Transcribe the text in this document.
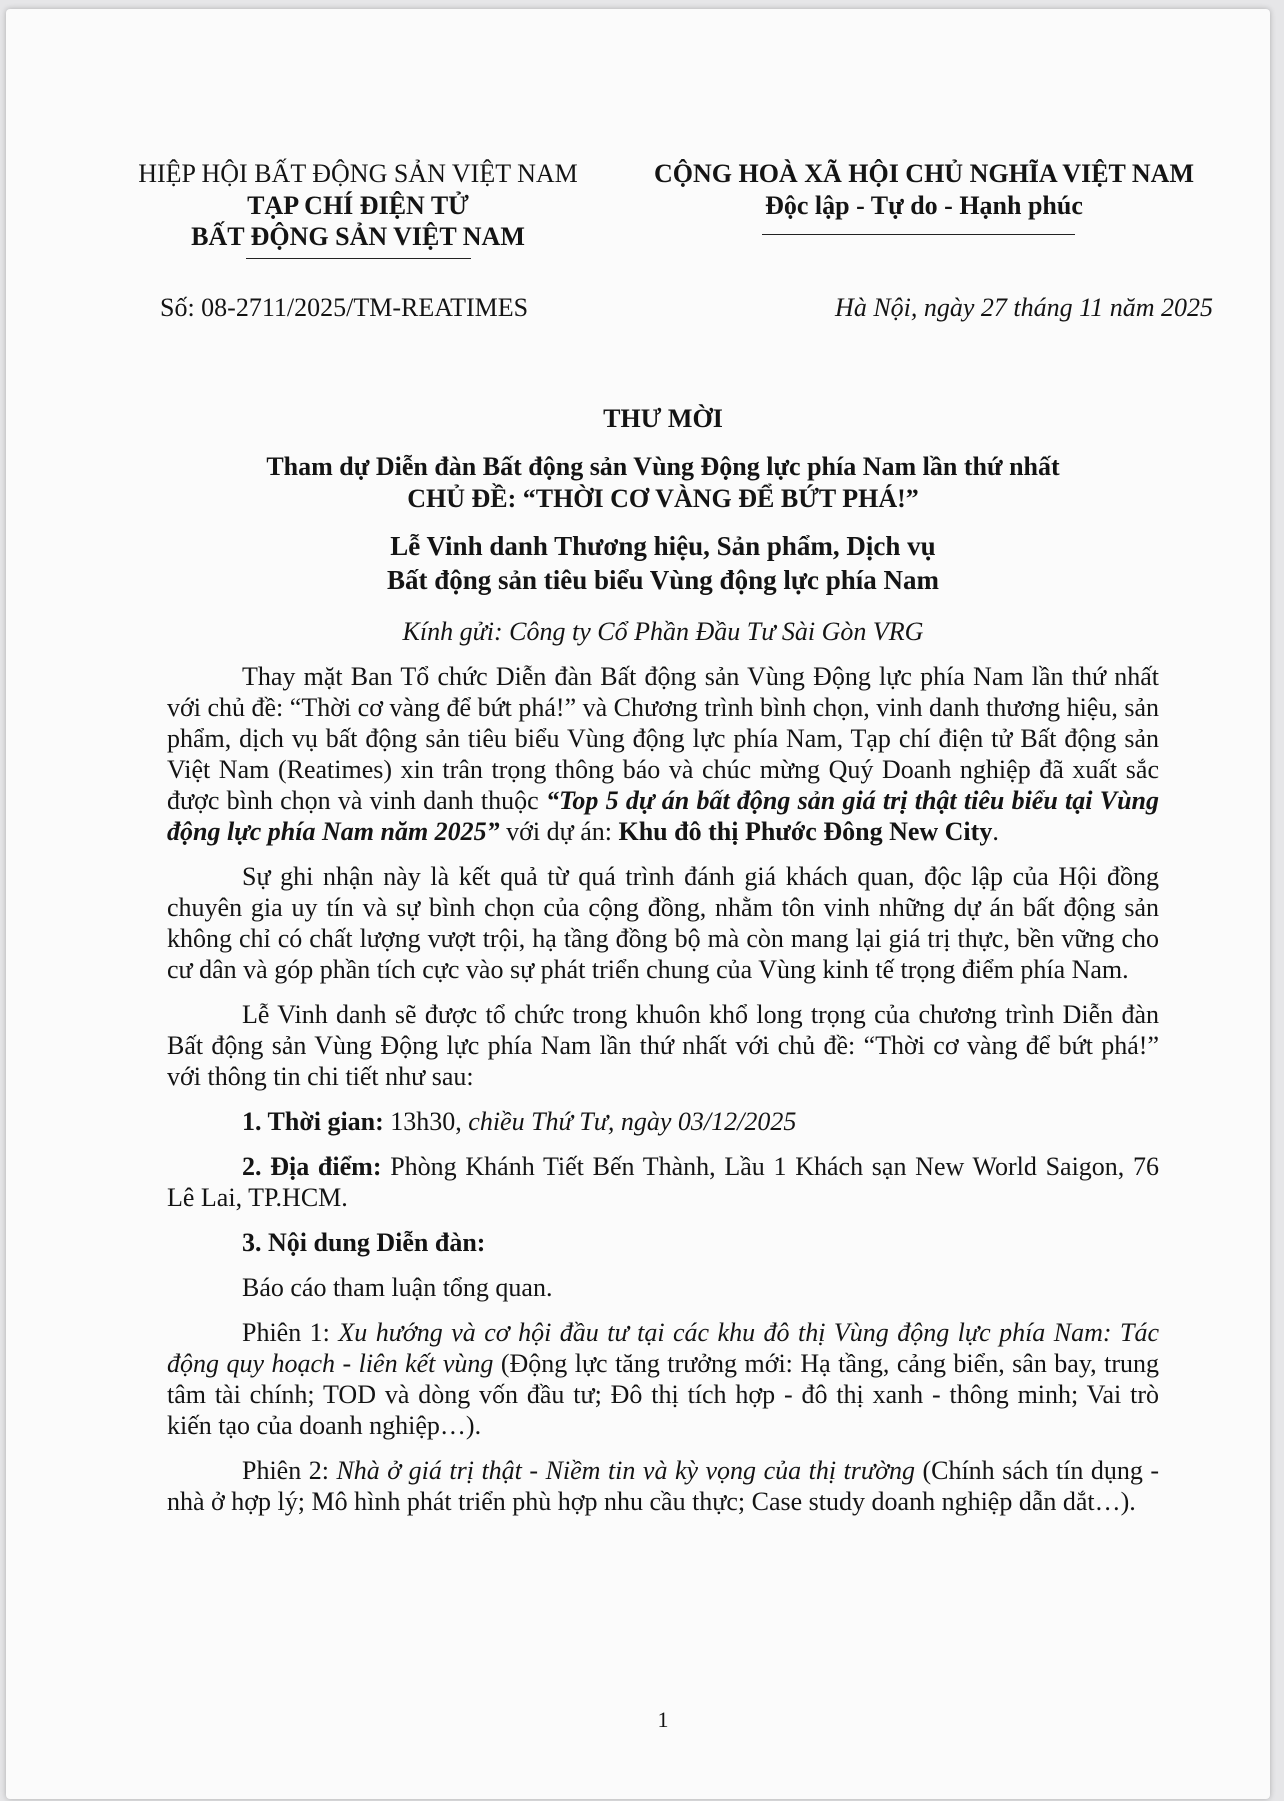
HIỆP HỘI BẤT ĐỘNG SẢN VIỆT NAM
TẠP CHÍ ĐIỆN TỬ
BẤT ĐỘNG SẢN VIỆT NAM
CỘNG HOÀ XÃ HỘI CHỦ NGHĨA VIỆT NAM
Độc lập - Tự do - Hạnh phúc
Số: 08-2711/2025/TM-REATIMES	Hà Nội, ngày 27 tháng 11 năm 2025
THƯ MỜI
Tham dự Diễn đàn Bất động sản Vùng Động lực phía Nam lần thứ nhất
CHỦ ĐỀ: “THỜI CƠ VÀNG ĐỂ BỨT PHÁ!”
Lễ Vinh danh Thương hiệu, Sản phẩm, Dịch vụ
Bất động sản tiêu biểu Vùng động lực phía Nam
Kính gửi: Công ty Cổ Phần Đầu Tư Sài Gòn VRG

Thay mặt Ban Tổ chức Diễn đàn Bất động sản Vùng Động lực phía Nam lần thứ nhất với chủ đề: “Thời cơ vàng để bứt phá!” và Chương trình bình chọn, vinh danh thương hiệu, sản phẩm, dịch vụ bất động sản tiêu biểu Vùng động lực phía Nam, Tạp chí điện tử Bất động sản Việt Nam (Reatimes) xin trân trọng thông báo và chúc mừng Quý Doanh nghiệp đã xuất sắc được bình chọn và vinh danh thuộc “Top 5 dự án bất động sản giá trị thật tiêu biểu tại Vùng động lực phía Nam năm 2025” với dự án: Khu đô thị Phước Đông New City.

Sự ghi nhận này là kết quả từ quá trình đánh giá khách quan, độc lập của Hội đồng chuyên gia uy tín và sự bình chọn của cộng đồng, nhằm tôn vinh những dự án bất động sản không chỉ có chất lượng vượt trội, hạ tầng đồng bộ mà còn mang lại giá trị thực, bền vững cho cư dân và góp phần tích cực vào sự phát triển chung của Vùng kinh tế trọng điểm phía Nam.

Lễ Vinh danh sẽ được tổ chức trong khuôn khổ long trọng của chương trình Diễn đàn Bất động sản Vùng Động lực phía Nam lần thứ nhất với chủ đề: “Thời cơ vàng để bứt phá!” với thông tin chi tiết như sau:

1. Thời gian: 13h30, chiều Thứ Tư, ngày 03/12/2025

2. Địa điểm: Phòng Khánh Tiết Bến Thành, Lầu 1 Khách sạn New World Saigon, 76 Lê Lai, TP.HCM.

3. Nội dung Diễn đàn:

Báo cáo tham luận tổng quan.

Phiên 1: Xu hướng và cơ hội đầu tư tại các khu đô thị Vùng động lực phía Nam: Tác động quy hoạch - liên kết vùng (Động lực tăng trưởng mới: Hạ tầng, cảng biển, sân bay, trung tâm tài chính; TOD và dòng vốn đầu tư; Đô thị tích hợp - đô thị xanh - thông minh; Vai trò kiến tạo của doanh nghiệp…).

Phiên 2: Nhà ở giá trị thật - Niềm tin và kỳ vọng của thị trường (Chính sách tín dụng - nhà ở hợp lý; Mô hình phát triển phù hợp nhu cầu thực; Case study doanh nghiệp dẫn dắt…).

1
